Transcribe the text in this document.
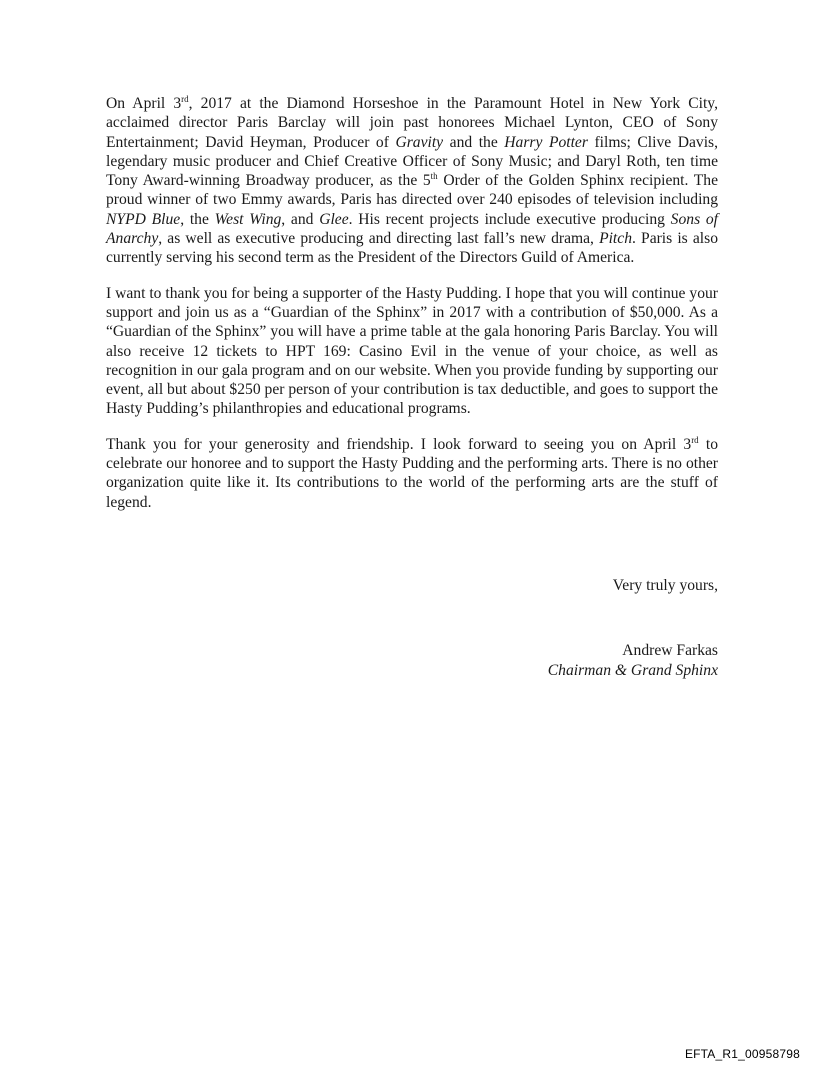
On April 3rd, 2017 at the Diamond Horseshoe in the Paramount Hotel in New York City, acclaimed director Paris Barclay will join past honorees Michael Lynton, CEO of Sony Entertainment; David Heyman, Producer of Gravity and the Harry Potter films; Clive Davis, legendary music producer and Chief Creative Officer of Sony Music; and Daryl Roth, ten time Tony Award-winning Broadway producer, as the 5th Order of the Golden Sphinx recipient. The proud winner of two Emmy awards, Paris has directed over 240 episodes of television including NYPD Blue, the West Wing, and Glee. His recent projects include executive producing Sons of Anarchy, as well as executive producing and directing last fall’s new drama, Pitch. Paris is also currently serving his second term as the President of the Directors Guild of America.

I want to thank you for being a supporter of the Hasty Pudding. I hope that you will continue your support and join us as a “Guardian of the Sphinx” in 2017 with a contribution of $50,000. As a “Guardian of the Sphinx” you will have a prime table at the gala honoring Paris Barclay. You will also receive 12 tickets to HPT 169: Casino Evil in the venue of your choice, as well as recognition in our gala program and on our website. When you provide funding by supporting our event, all but about $250 per person of your contribution is tax deductible, and goes to support the Hasty Pudding’s philanthropies and educational programs.

Thank you for your generosity and friendship. I look forward to seeing you on April 3rd to celebrate our honoree and to support the Hasty Pudding and the performing arts. There is no other organization quite like it. Its contributions to the world of the performing arts are the stuff of legend.

Very truly yours,
Andrew Farkas
Chairman & Grand Sphinx
EFTA_R1_00958798
